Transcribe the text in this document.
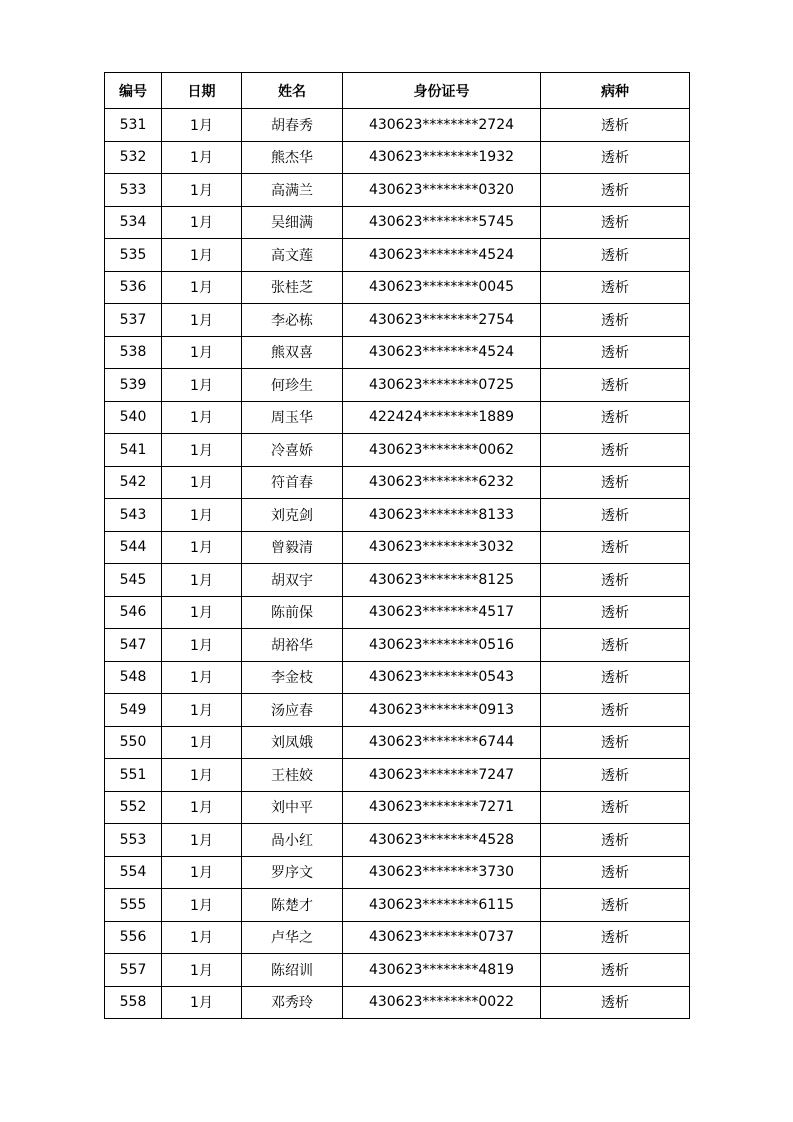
编号	日期	姓名	身份证号	病种
531	1月	胡春秀	430623********2724	透析
532	1月	熊杰华	430623********1932	透析
533	1月	高满兰	430623********0320	透析
534	1月	吴细满	430623********5745	透析
535	1月	高文莲	430623********4524	透析
536	1月	张桂芝	430623********0045	透析
537	1月	李必栋	430623********2754	透析
538	1月	熊双喜	430623********4524	透析
539	1月	何珍生	430623********0725	透析
540	1月	周玉华	422424********1889	透析
541	1月	冷喜娇	430623********0062	透析
542	1月	符首春	430623********6232	透析
543	1月	刘克剑	430623********8133	透析
544	1月	曾毅清	430623********3032	透析
545	1月	胡双宇	430623********8125	透析
546	1月	陈前保	430623********4517	透析
547	1月	胡裕华	430623********0516	透析
548	1月	李金枝	430623********0543	透析
549	1月	汤应春	430623********0913	透析
550	1月	刘凤娥	430623********6744	透析
551	1月	王桂姣	430623********7247	透析
552	1月	刘中平	430623********7271	透析
553	1月	咼小红	430623********4528	透析
554	1月	罗序文	430623********3730	透析
555	1月	陈楚才	430623********6115	透析
556	1月	卢华之	430623********0737	透析
557	1月	陈绍训	430623********4819	透析
558	1月	邓秀玲	430623********0022	透析
